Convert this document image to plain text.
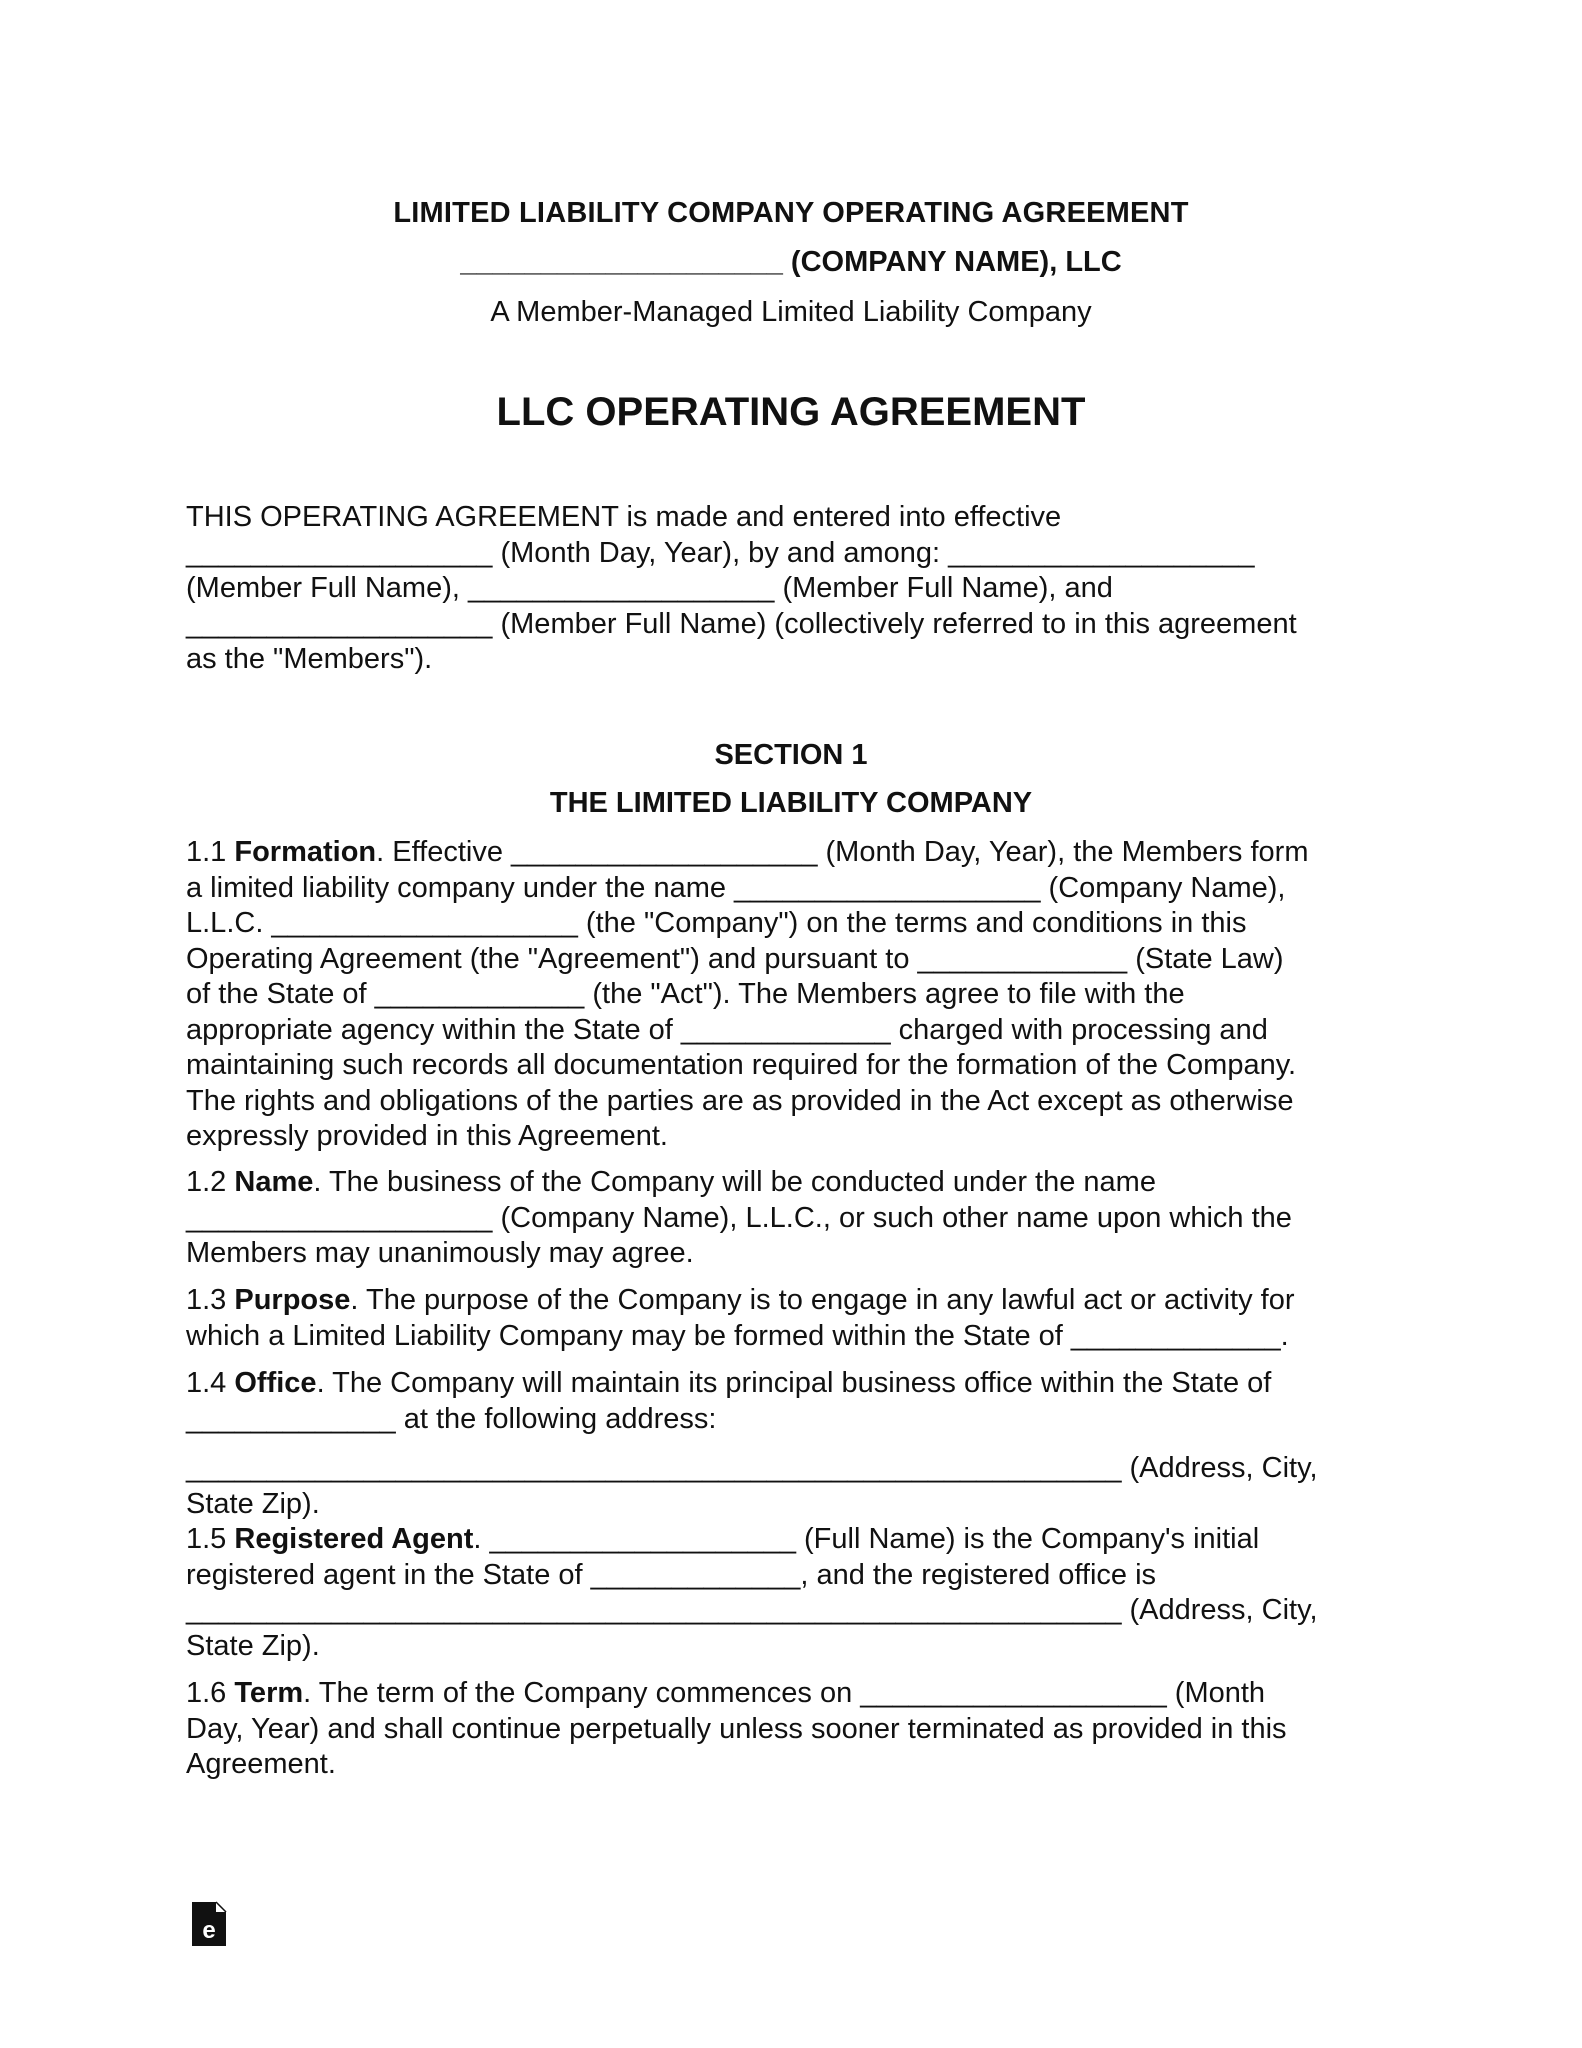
LIMITED LIABILITY COMPANY OPERATING AGREEMENT
____________________ (COMPANY NAME), LLC
A Member-Managed Limited Liability Company
LLC OPERATING AGREEMENT
THIS OPERATING AGREEMENT is made and entered into effective
___________________ (Month Day, Year), by and among: ___________________
(Member Full Name), ___________________ (Member Full Name), and
___________________ (Member Full Name) (collectively referred to in this agreement
as the "Members").
SECTION 1
THE LIMITED LIABILITY COMPANY
1.1 Formation. Effective ___________________ (Month Day, Year), the Members form
a limited liability company under the name ___________________ (Company Name),
L.L.C. ___________________ (the "Company") on the terms and conditions in this
Operating Agreement (the "Agreement") and pursuant to _____________ (State Law)
of the State of _____________ (the "Act"). The Members agree to file with the
appropriate agency within the State of _____________ charged with processing and
maintaining such records all documentation required for the formation of the Company.
The rights and obligations of the parties are as provided in the Act except as otherwise
expressly provided in this Agreement.
1.2 Name. The business of the Company will be conducted under the name
___________________ (Company Name), L.L.C., or such other name upon which the
Members may unanimously may agree.
1.3 Purpose. The purpose of the Company is to engage in any lawful act or activity for
which a Limited Liability Company may be formed within the State of _____________.
1.4 Office. The Company will maintain its principal business office within the State of
_____________ at the following address:
__________________________________________________________ (Address, City,
State Zip).
1.5 Registered Agent. ___________________ (Full Name) is the Company's initial
registered agent in the State of _____________, and the registered office is
__________________________________________________________ (Address, City,
State Zip).
1.6 Term. The term of the Company commences on ___________________ (Month
Day, Year) and shall continue perpetually unless sooner terminated as provided in this
Agreement.
e
